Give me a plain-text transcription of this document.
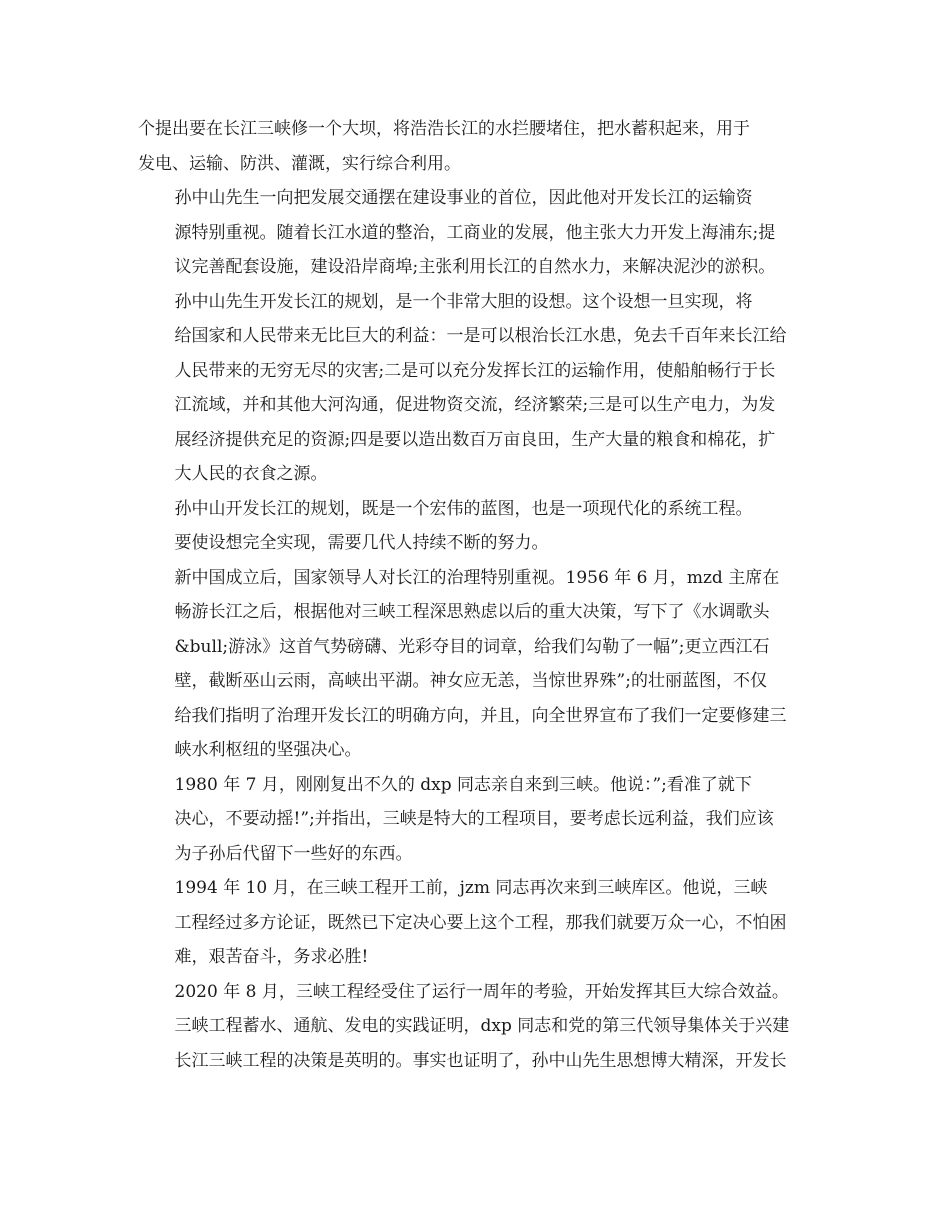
个提出要在长江三峡修一个大坝，将浩浩长江的水拦腰堵住，把水蓄积起来，用于
发电、运输、防洪、灌溉，实行综合利用。

孙中山先生一向把发展交通摆在建设事业的首位，因此他对开发长江的运输资
源特别重视。随着长江水道的整治，工商业的发展，他主张大力开发上海浦东;提
议完善配套设施，建设沿岸商埠;主张利用长江的自然水力，来解决泥沙的淤积。

孙中山先生开发长江的规划，是一个非常大胆的设想。这个设想一旦实现，将
给国家和人民带来无比巨大的利益：一是可以根治长江水患，免去千百年来长江给
人民带来的无穷无尽的灾害;二是可以充分发挥长江的运输作用，使船舶畅行于长
江流域，并和其他大河沟通，促进物资交流，经济繁荣;三是可以生产电力，为发
展经济提供充足的资源;四是要以造出数百万亩良田，生产大量的粮食和棉花，扩
大人民的衣食之源。

孙中山开发长江的规划，既是一个宏伟的蓝图，也是一项现代化的系统工程。
要使设想完全实现，需要几代人持续不断的努力。

新中国成立后，国家领导人对长江的治理特别重视。1956 年 6 月，mzd 主席在
畅游长江之后，根据他对三峡工程深思熟虑以后的重大决策，写下了《水调歌头
&bull;游泳》这首气势磅礴、光彩夺目的词章，给我们勾勒了一幅”;更立西江石
壁，截断巫山云雨，高峡出平湖。神女应无恙，当惊世界殊”;的壮丽蓝图，不仅
给我们指明了治理开发长江的明确方向，并且，向全世界宣布了我们一定要修建三
峡水利枢纽的坚强决心。

1980 年 7 月，刚刚复出不久的 dxp 同志亲自来到三峡。他说：”;看准了就下
决心，不要动摇!”;并指出，三峡是特大的工程项目，要考虑长远利益，我们应该
为子孙后代留下一些好的东西。

1994 年 10 月，在三峡工程开工前，jzm 同志再次来到三峡库区。他说，三峡
工程经过多方论证，既然已下定决心要上这个工程，那我们就要万众一心，不怕困
难，艰苦奋斗，务求必胜!

2020 年 8 月，三峡工程经受住了运行一周年的考验，开始发挥其巨大综合效益。
三峡工程蓄水、通航、发电的实践证明，dxp 同志和党的第三代领导集体关于兴建
长江三峡工程的决策是英明的。事实也证明了，孙中山先生思想博大精深，开发长
